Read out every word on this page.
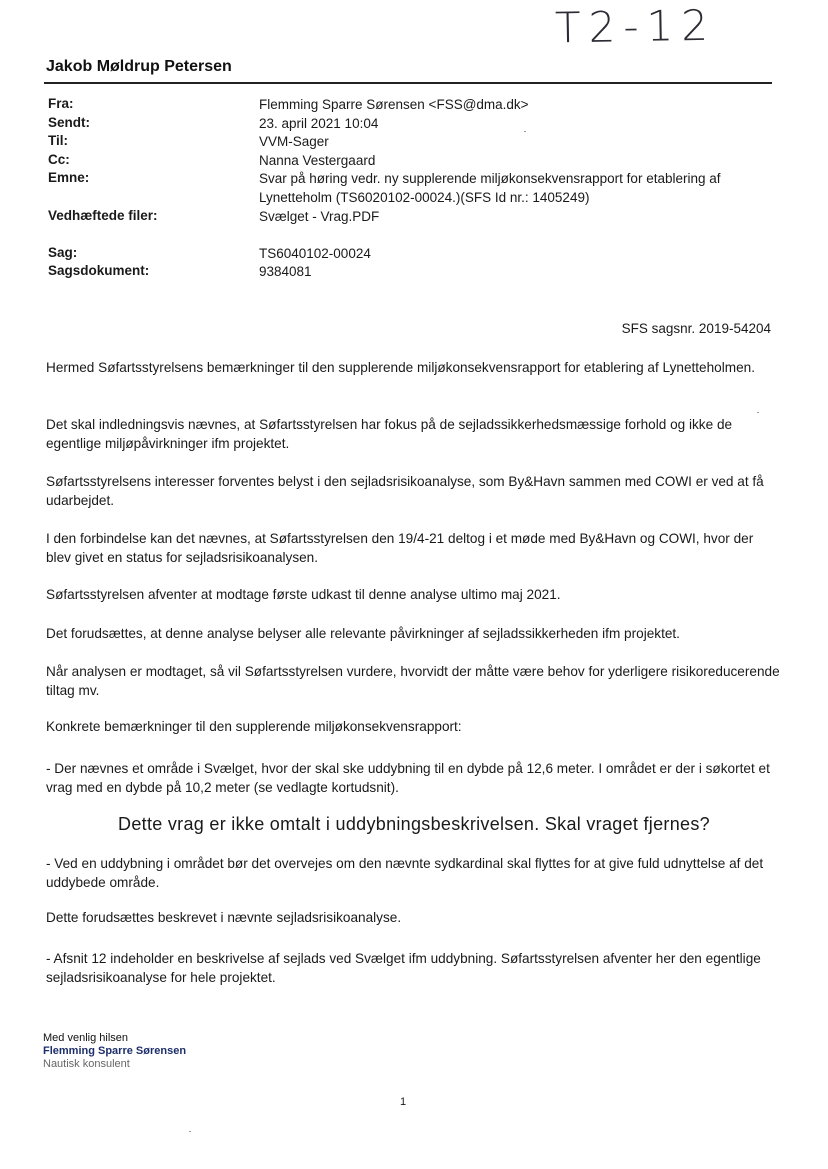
T2-12
Jakob Møldrup Petersen
Fra:	Flemming Sparre Sørensen <FSS@dma.dk>
Sendt:	23. april 2021 10:04
Til:	VVM-Sager
Cc:	Nanna Vestergaard
Emne:	Svar på høring vedr. ny supplerende miljøkonsekvensrapport for etablering af Lynetteholm (TS6020102-00024.)(SFS Id nr.: 1405249)
Vedhæftede filer:	Svælget - Vrag.PDF
Sag:	TS6040102-00024
Sagsdokument:	9384081
SFS sagsnr. 2019-54204
Hermed Søfartsstyrelsens bemærkninger til den supplerende miljøkonsekvensrapport for etablering af Lynetteholmen.
Det skal indledningsvis nævnes, at Søfartsstyrelsen har fokus på de sejladssikkerhedsmæssige forhold og ikke de egentlige miljøpåvirkninger ifm projektet.
Søfartsstyrelsens interesser forventes belyst i den sejladsrisikoanalyse, som By&Havn sammen med COWI er ved at få udarbejdet.
I den forbindelse kan det nævnes, at Søfartsstyrelsen den 19/4-21 deltog i et møde med By&Havn og COWI, hvor der blev givet en status for sejladsrisikoanalysen.
Søfartsstyrelsen afventer at modtage første udkast til denne analyse ultimo maj 2021.
Det forudsættes, at denne analyse belyser alle relevante påvirkninger af sejladssikkerheden ifm projektet.
Når analysen er modtaget, så vil Søfartsstyrelsen vurdere, hvorvidt der måtte være behov for yderligere risikoreducerende tiltag mv.
Konkrete bemærkninger til den supplerende miljøkonsekvensrapport:
- Der nævnes et område i Svælget, hvor der skal ske uddybning til en dybde på 12,6 meter. I området er der i søkortet et vrag med en dybde på 10,2 meter (se vedlagte kortudsnit).
Dette vrag er ikke omtalt i uddybningsbeskrivelsen. Skal vraget fjernes?
- Ved en uddybning i området bør det overvejes om den nævnte sydkardinal skal flyttes for at give fuld udnyttelse af det uddybede område.
Dette forudsættes beskrevet i nævnte sejladsrisikoanalyse.
- Afsnit 12 indeholder en beskrivelse af sejlads ved Svælget ifm uddybning. Søfartsstyrelsen afventer her den egentlige sejladsrisikoanalyse for hele projektet.
Med venlig hilsen
Flemming Sparre Sørensen
Nautisk konsulent
1
